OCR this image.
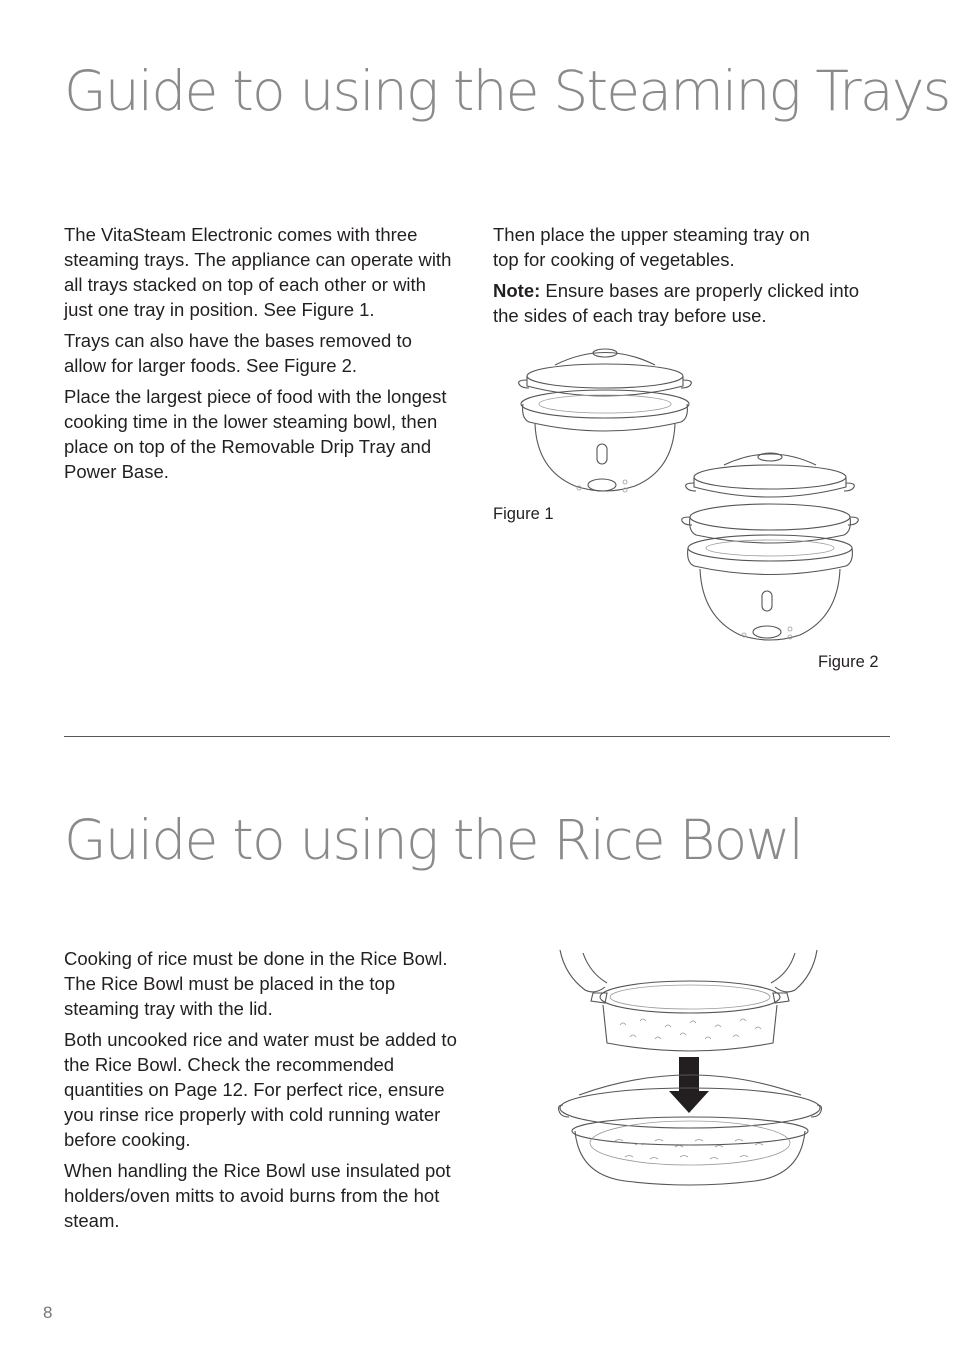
Guide to using the Steaming Trays

The VitaSteam Electronic comes with three steaming trays. The appliance can operate with all trays stacked on top of each other or with just one tray in position. See Figure 1.

Trays can also have the bases removed to allow for larger foods. See Figure 2.

Place the largest piece of food with the longest cooking time in the lower steaming bowl, then place on top of the Removable Drip Tray and Power Base.

Then place the upper steaming tray on top for cooking of vegetables.

Note: Ensure bases are properly clicked into the sides of each tray before use.

Figure 1
Figure 2
Guide to using the Rice Bowl

Cooking of rice must be done in the Rice Bowl. The Rice Bowl must be placed in the top steaming tray with the lid.

Both uncooked rice and water must be added to the Rice Bowl. Check the recommended quantities on Page 12. For perfect rice, ensure you rinse rice properly with cold running water before cooking.

When handling the Rice Bowl use insulated pot holders/oven mitts to avoid burns from the hot steam.

8
